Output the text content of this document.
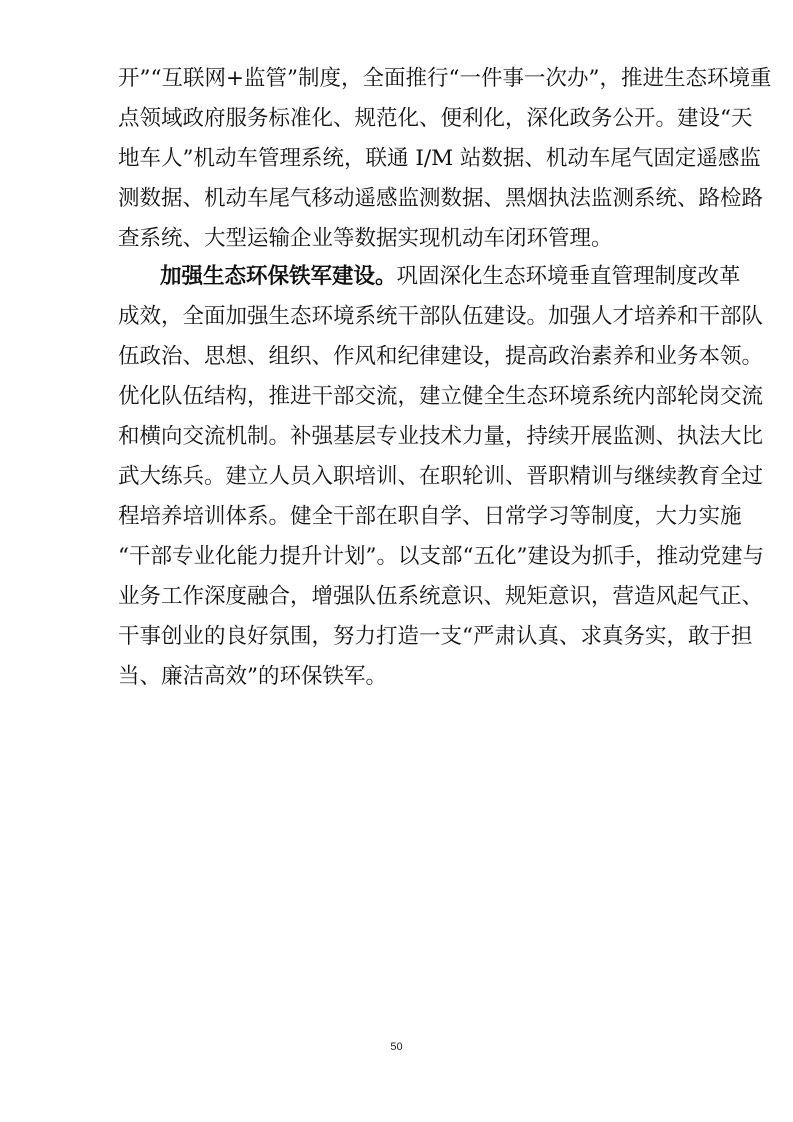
开”“互联网+监管”制度，全面推行“一件事一次办”，推进生态环境重
点领域政府服务标准化、规范化、便利化，深化政务公开。建设“天
地车人”机动车管理系统，联通 I/M 站数据、机动车尾气固定遥感监
测数据、机动车尾气移动遥感监测数据、黑烟执法监测系统、路检路
查系统、大型运输企业等数据实现机动车闭环管理。
加强生态环保铁军建设。巩固深化生态环境垂直管理制度改革
成效，全面加强生态环境系统干部队伍建设。加强人才培养和干部队
伍政治、思想、组织、作风和纪律建设，提高政治素养和业务本领。
优化队伍结构，推进干部交流，建立健全生态环境系统内部轮岗交流
和横向交流机制。补强基层专业技术力量，持续开展监测、执法大比
武大练兵。建立人员入职培训、在职轮训、晋职精训与继续教育全过
程培养培训体系。健全干部在职自学、日常学习等制度，大力实施
“干部专业化能力提升计划”。以支部“五化”建设为抓手，推动党建与
业务工作深度融合，增强队伍系统意识、规矩意识，营造风起气正、
干事创业的良好氛围，努力打造一支“严肃认真、求真务实，敢于担
当、廉洁高效”的环保铁军。
50
